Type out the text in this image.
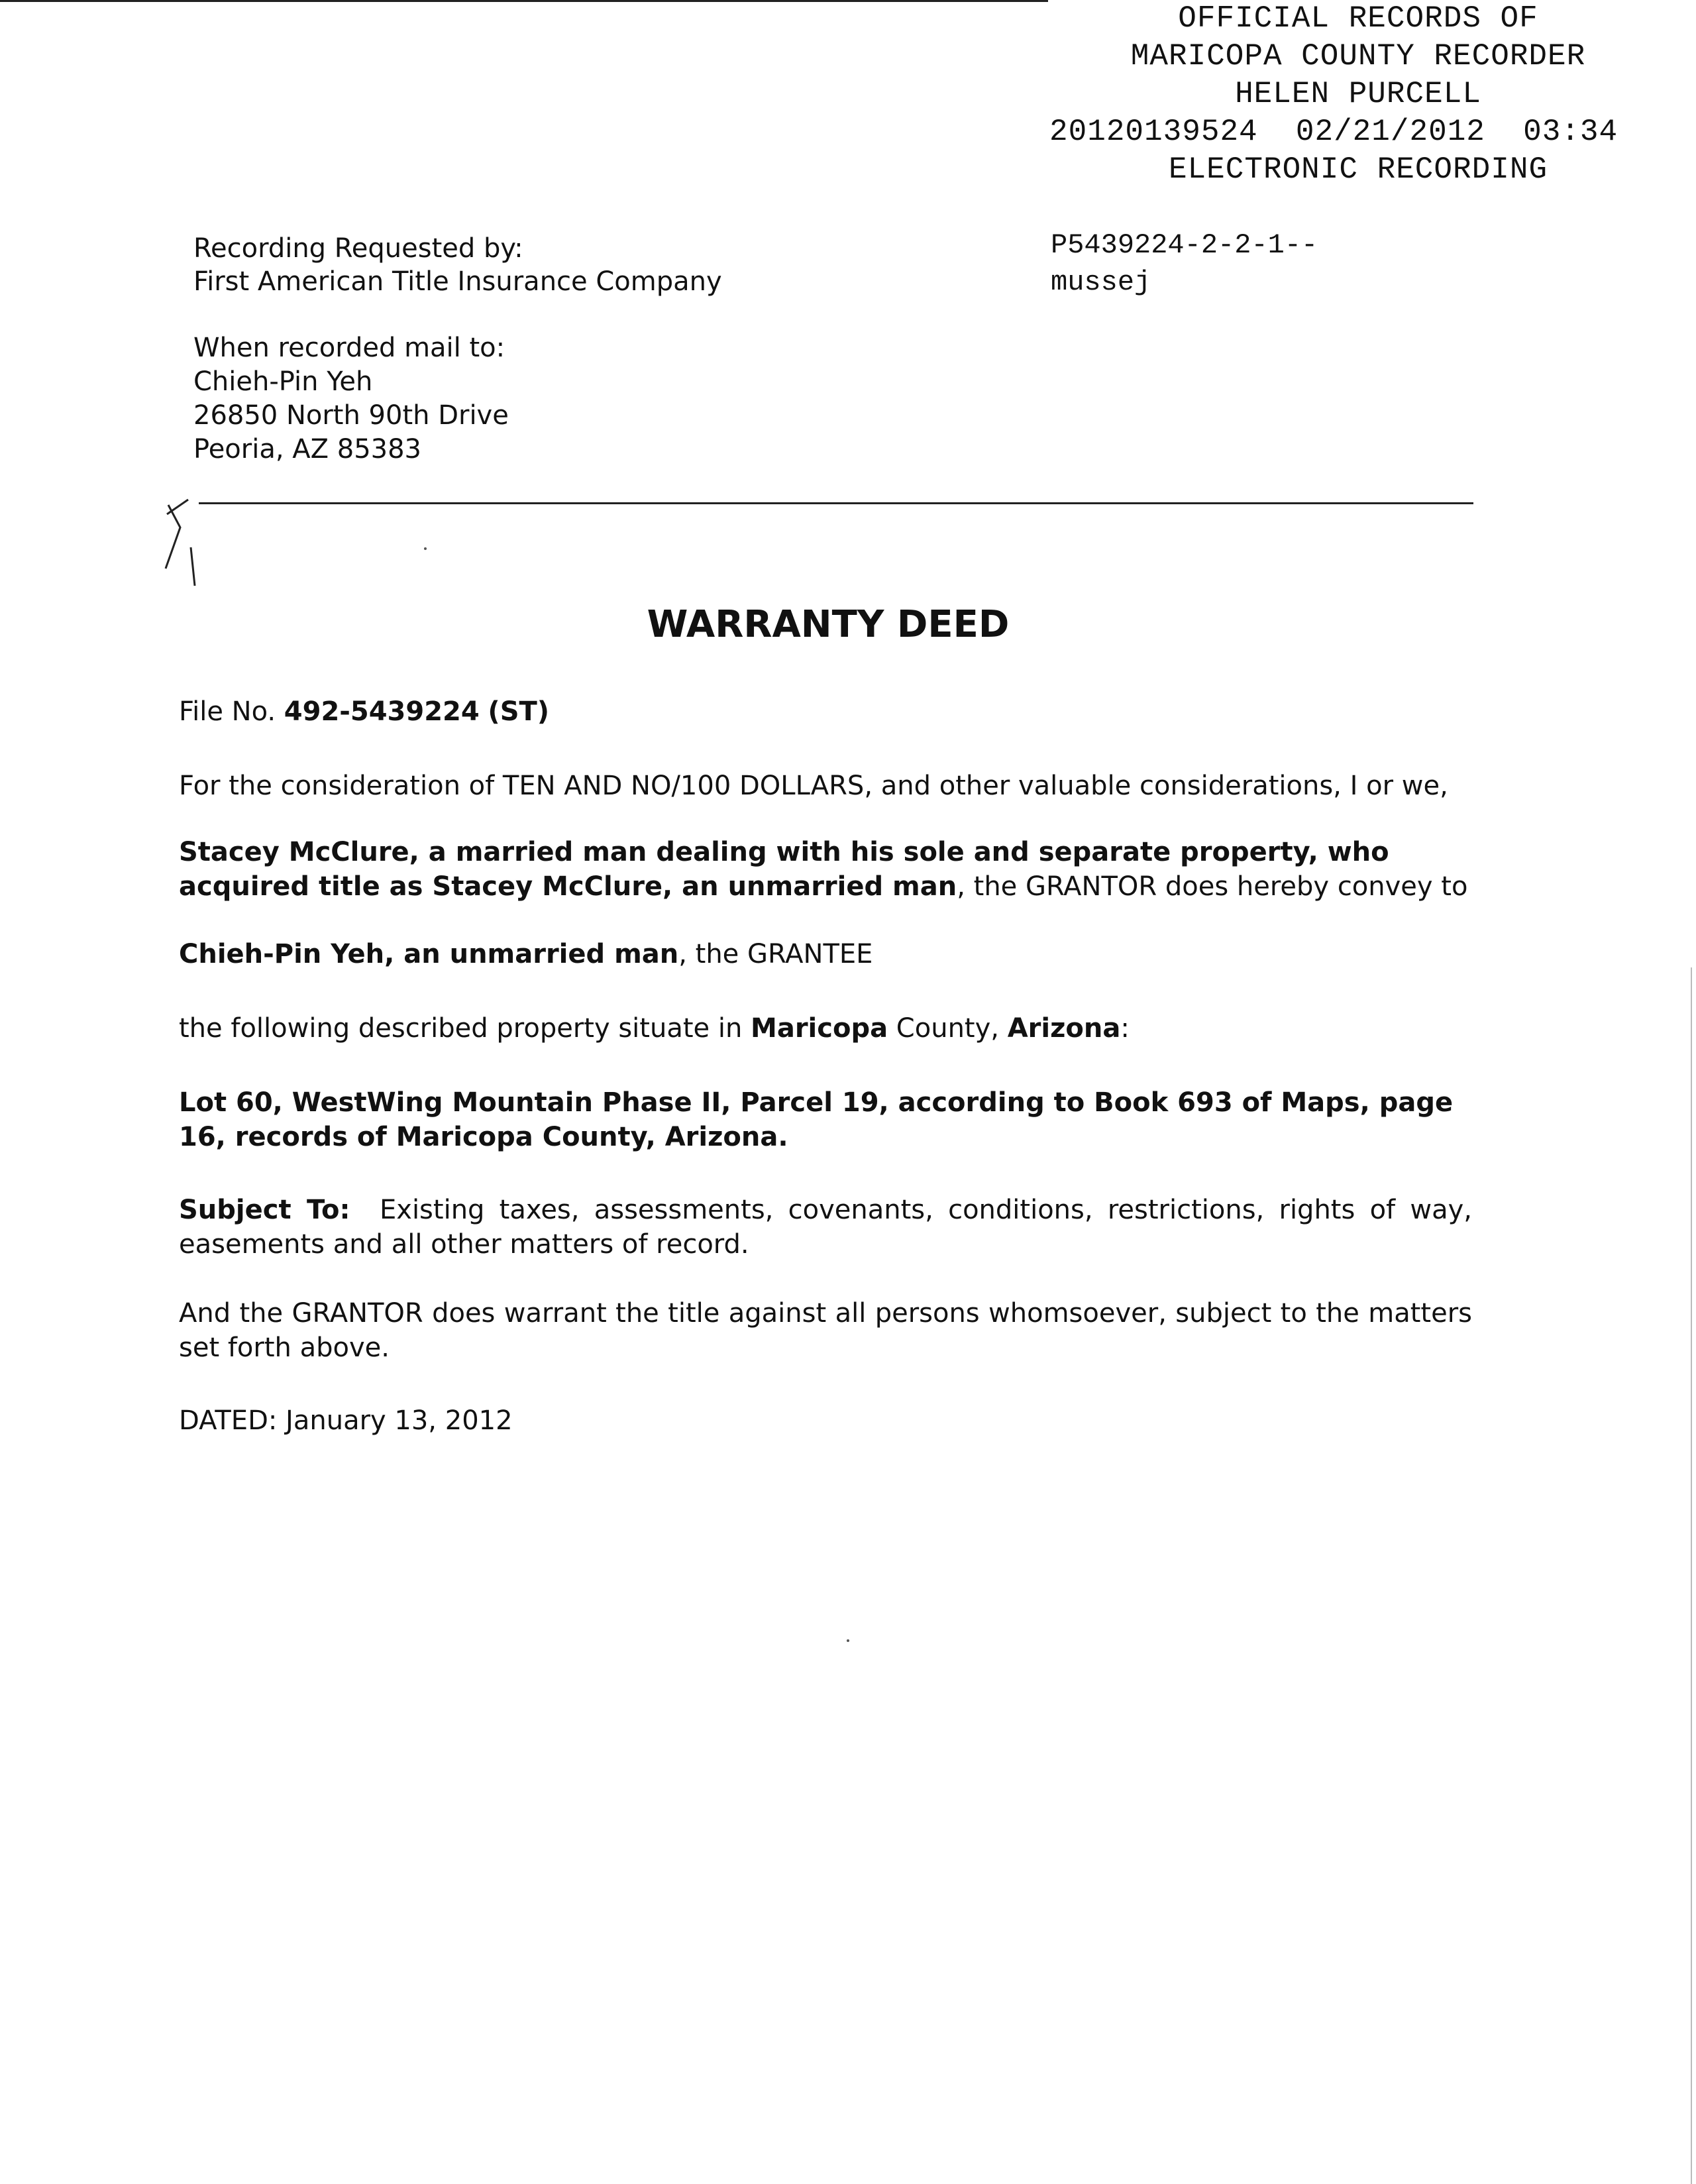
OFFICIAL RECORDS OF
MARICOPA COUNTY RECORDER
HELEN PURCELL
20120139524  02/21/2012  03:34
ELECTRONIC RECORDING
Recording Requested by:
First American Title Insurance Company
When recorded mail to:
Chieh-Pin Yeh
26850 North 90th Drive
Peoria, AZ 85383
P5439224-2-2-1--
mussej
WARRANTY DEED
File No. 492-5439224 (ST)
For the consideration of TEN AND NO/100 DOLLARS, and other valuable considerations, I or we,
Stacey McClure, a married man dealing with his sole and separate property, who acquired title as Stacey McClure, an unmarried man, the GRANTOR does hereby convey to
Chieh-Pin Yeh, an unmarried man, the GRANTEE
the following described property situate in Maricopa County, Arizona:
Lot 60, WestWing Mountain Phase II, Parcel 19, according to Book 693 of Maps, page 16, records of Maricopa County, Arizona.
Subject To: Existing taxes, assessments, covenants, conditions, restrictions, rights of way, easements and all other matters of record.
And the GRANTOR does warrant the title against all persons whomsoever, subject to the matters set forth above.
DATED: January 13, 2012
